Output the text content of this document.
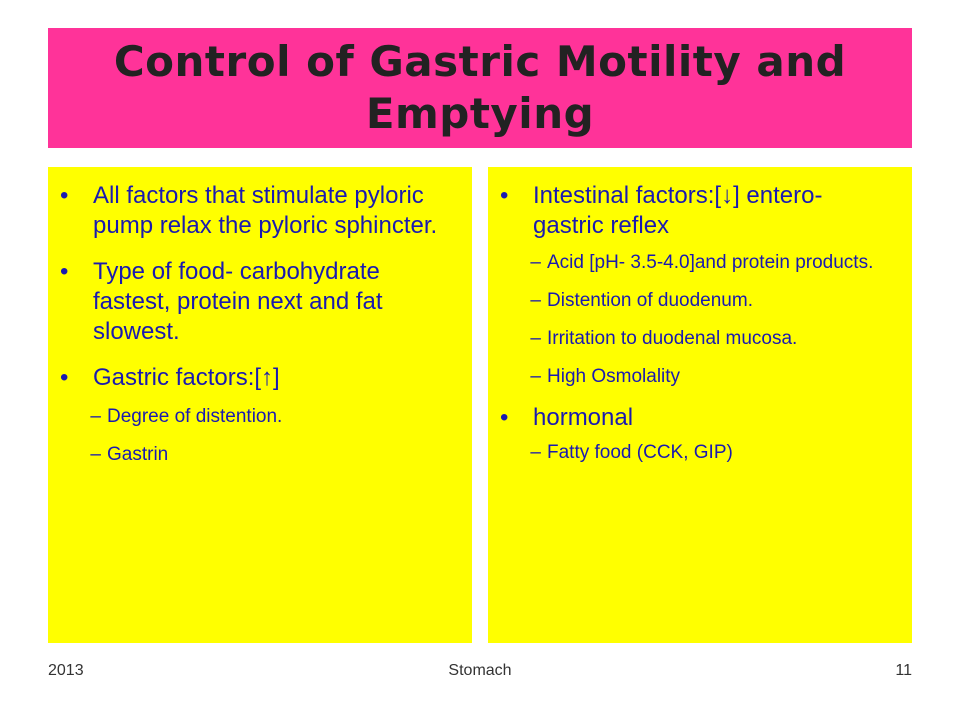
Control of Gastric Motility and Emptying
•	All factors that stimulate pyloric pump relax the pyloric sphincter.
•	Type of food- carbohydrate fastest, protein next and fat slowest.
•	Gastric factors:[↑]
– Degree of distention.
– Gastrin
•	Intestinal factors:[↓] entero-gastric reflex
– Acid [pH- 3.5-4.0]and protein products.
– Distention of duodenum.
– Irritation to duodenal mucosa.
– High Osmolality
•	hormonal
– Fatty food (CCK, GIP)
2013	Stomach	11
